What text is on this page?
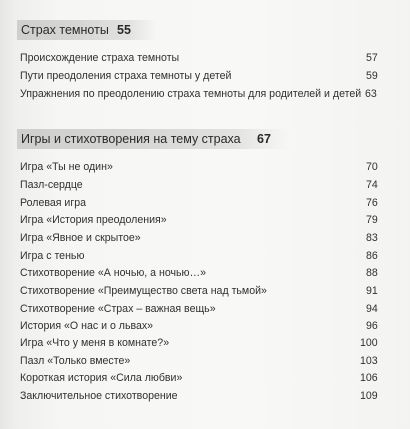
Страх темноты 55
Происхождение страха темноты	57
Пути преодоления страха темноты у детей	59
Упражнения по преодолению страха темноты для родителей и детей 63
Игры и стихотворения на тему страха 67
Игра «Ты не один»	70
Пазл-сердце	74
Ролевая игра	76
Игра «История преодоления»	79
Игра «Явное и скрытое»	83
Игра с тенью	86
Стихотворение «А ночью, а ночью…»	88
Стихотворение «Преимущество света над тьмой»	91
Стихотворение «Страх – важная вещь»	94
История «О нас и о львах»	96
Игра «Что у меня в комнате?»	100
Пазл «Только вместе»	103
Короткая история «Сила любви»	106
Заключительное стихотворение	109
